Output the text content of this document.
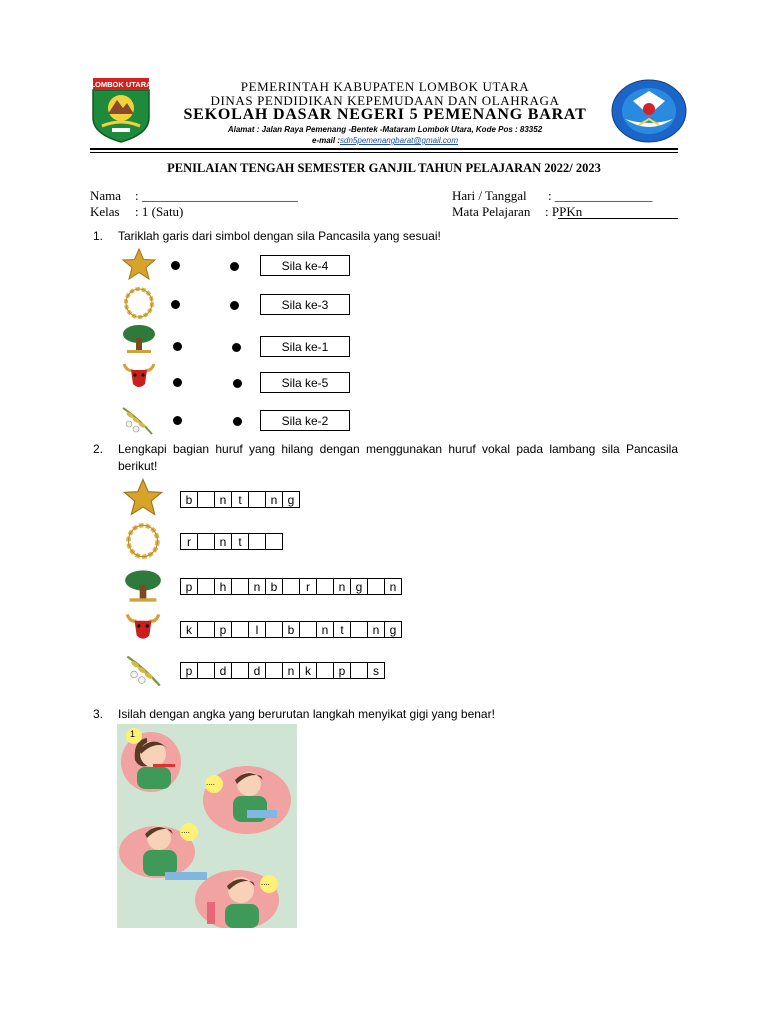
LOMBOK UTARA	PEMERINTAH KABUPATEN LOMBOK UTARA
DINAS PENDIDIKAN KEPEMUDAAN DAN OLAHRAGA
SEKOLAH DASAR NEGERI 5 PEMENANG BARAT
Alamat : Jalan Raya Pemenang -Bentek -Mataram Lombok Utara, Kode Pos : 83352
e-mail :sdn5pemenangbarat@gmail.com
PENILAIAN TENGAH SEMESTER GANJIL TAHUN PELAJARAN 2022/ 2023
Nama : ________________________
Kelas : 1 (Satu)
Hari / Tanggal : _______________
Mata Pelajaran : PPKn
1. Tariklah garis dari simbol dengan sila Pancasila yang sesuai!
Sila ke-4
Sila ke-3
Sila ke-1
Sila ke-5
Sila ke-2
2. Lengkapi bagian huruf yang hilang dengan menggunakan huruf vokal pada lambang sila Pancasila
berikut!
b	n t	n g
r	n t
p	h	n b	r	n g	n
k	p	l	b	n t	n g
p	d	d	n k	p	s
3. Isilah dengan angka yang berurutan langkah menyikat gigi yang benar!
1
....
....
....
